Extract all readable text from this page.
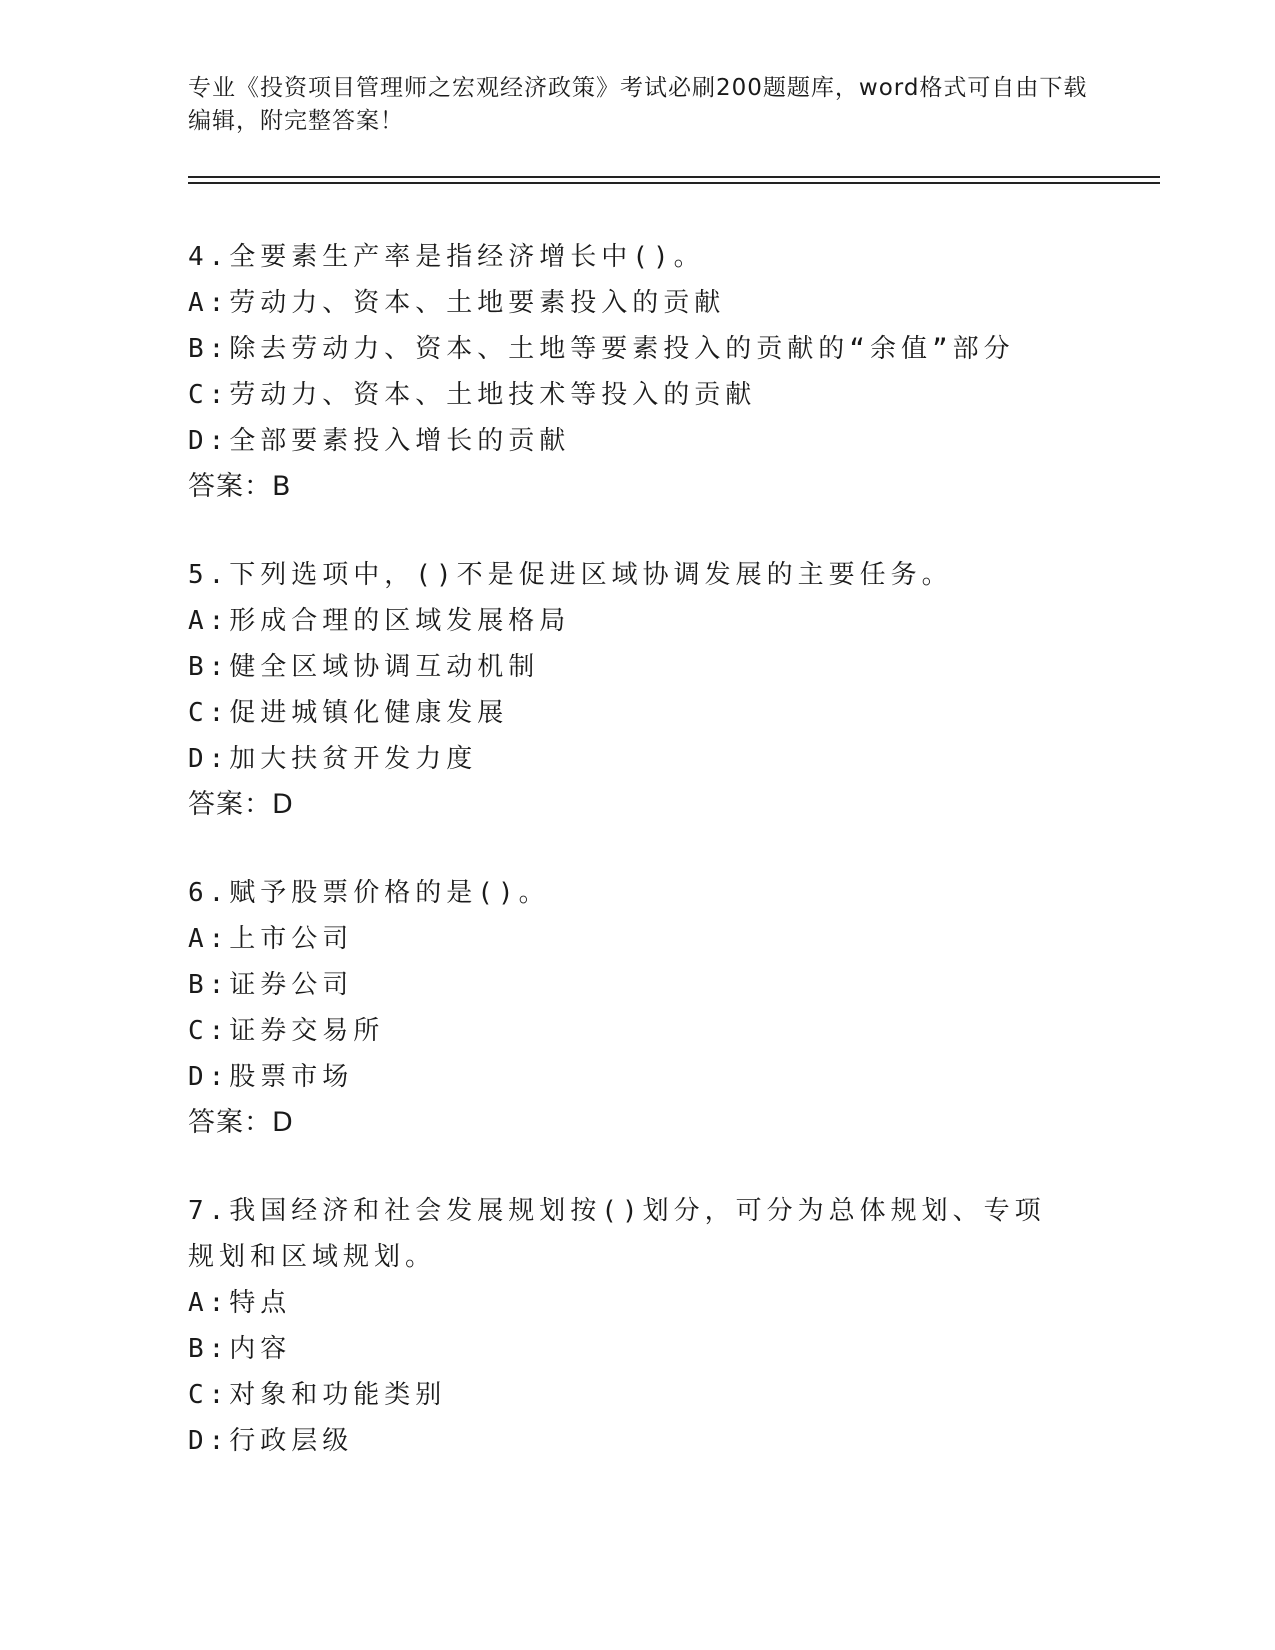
专业《投资项目管理师之宏观经济政策》考试必刷200题题库，word格式可自由下载编辑，附完整答案！
4.全要素生产率是指经济增长中()。
A:劳动力、资本、土地要素投入的贡献
B:除去劳动力、资本、土地等要素投入的贡献的“余值”部分
C:劳动力、资本、土地技术等投入的贡献
D:全部要素投入增长的贡献
答案：B
5.下列选项中，()不是促进区域协调发展的主要任务。
A:形成合理的区域发展格局
B:健全区域协调互动机制
C:促进城镇化健康发展
D:加大扶贫开发力度
答案：D
6.赋予股票价格的是()。
A:上市公司
B:证券公司
C:证券交易所
D:股票市场
答案：D
7.我国经济和社会发展规划按()划分，可分为总体规划、专项规划和区域规划。
A:特点
B:内容
C:对象和功能类别
D:行政层级
